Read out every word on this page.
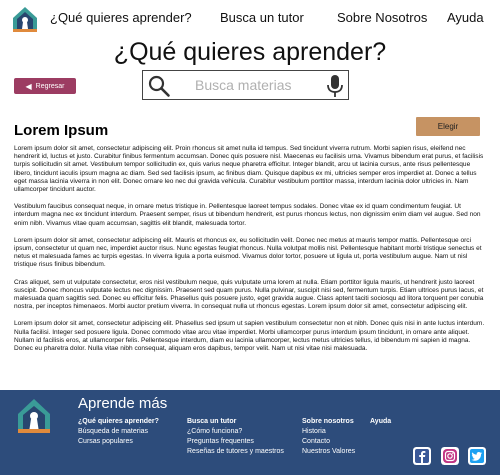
¿Qué quieres aprender? Busca un tutor	Sobre Nosotros Ayuda
¿Qué quieres aprender?
◀ Regresar
Busca materias
Lorem Ipsum	Elegir

Lorem ipsum dolor sit amet, consectetur adipiscing elit. Proin rhoncus sit amet nulla id tempus. Sed tincidunt viverra rutrum. Morbi sapien risus, eleifend nec hendrerit id, luctus et justo. Curabitur finibus fermentum accumsan. Donec quis posuere nisl. Maecenas eu facilisis urna. Vivamus bibendum erat purus, et facilisis turpis sollicitudin sit amet. Vestibulum tempor sollicitudin ex, quis varius neque pharetra efficitur. Integer blandit, arcu ut lacinia cursus, ante risus pellentesque libero, tincidunt iaculis ipsum magna ac diam. Sed sed facilisis ipsum, ac finibus diam. Quisque dapibus ex mi, ultricies semper eros imperdiet at. Donec a tellus eget massa lacinia viverra in non elit. Donec ornare leo nec dui gravida vehicula. Curabitur vestibulum porttitor massa, interdum lacinia dolor ultricies in. Nam ullamcorper tincidunt auctor.

Vestibulum faucibus consequat neque, in ornare metus tristique in. Pellentesque laoreet tempus sodales. Donec vitae ex id quam condimentum feugiat. Ut interdum magna nec ex tincidunt interdum. Praesent semper, risus ut bibendum hendrerit, est purus rhoncus lectus, non dignissim enim diam vel augue. Sed non enim nibh. Vivamus vitae quam accumsan, sagittis elit blandit, malesuada tortor.

Lorem ipsum dolor sit amet, consectetur adipiscing elit. Mauris et rhoncus ex, eu sollicitudin velit. Donec nec metus at mauris tempor mattis. Pellentesque orci ipsum, consectetur ut quam nec, imperdiet auctor risus. Nunc egestas feugiat rhoncus. Nulla volutpat mollis nisl. Pellentesque habitant morbi tristique senectus et netus et malesuada fames ac turpis egestas. In viverra ligula a porta euismod. Vivamus dolor tortor, posuere ut ligula ut, porta vestibulum augue. Nam ut nisl tristique risus finibus bibendum.

Cras aliquet, sem ut vulputate consectetur, eros nisl vestibulum neque, quis vulputate urna lorem at nulla. Etiam porttitor ligula mauris, ut hendrerit justo laoreet suscipit. Donec rhoncus vulputate lectus nec dignissim. Praesent sed quam purus. Nulla pulvinar, suscipit nisi sed, fermentum turpis. Etiam ultrices purus lacus, et malesuada quam sagittis sed. Donec eu efficitur felis. Phasellus quis posuere justo, eget gravida augue. Class aptent taciti sociosqu ad litora torquent per conubia nostra, per inceptos himenaeos. Morbi auctor pretium viverra. In consequat nulla ut rhoncus egestas. Lorem ipsum dolor sit amet, consectetur adipiscing elit.

Lorem ipsum dolor sit amet, consectetur adipiscing elit. Phasellus sed ipsum ut sapien vestibulum consectetur non et nibh. Donec quis nisi in ante luctus interdum. Nulla facilisi. Integer sed posuere ligula. Donec commodo vitae arcu vitae imperdiet. Morbi ullamcorper purus interdum ipsum tincidunt, in ornare ante aliquet. Nullam id facilisis eros, at ullamcorper felis. Pellentesque interdum, diam eu lacinia ullamcorper, lectus metus ultricies tellus, id bibendum mi sapien id magna. Donec eu pharetra dolor. Nulla vitae nibh consequat, aliquam eros dapibus, tempor velit. Nam ut nisi vitae nisi malesuada.

Aprende más
¿Qué quieres aprender?
Búsqueda de materias
Cursas populares
Busca un tutor
¿Cómo funciona?
Preguntas frequentes
Reseñas de tutores y maestros
Sobre nosotros
Historia
Contacto
Nuestros Valores
Ayuda
